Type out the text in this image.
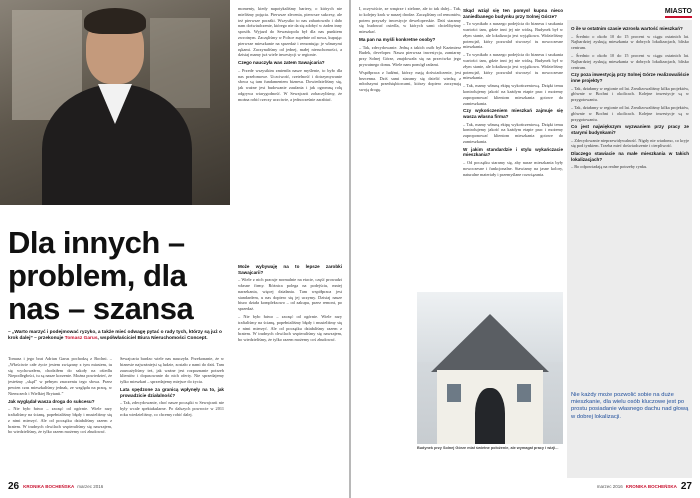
momenty, kiedy napotykaliśmy bariery, o których nie mieliśmy pojęcia. Pierwsze zlecenia, pierwsze sukcesy, ale też pierwsze porażki. Wszystko to nas zahartowało i dało nam doświadczenie, którego nie da się zdobyć w żaden inny sposób. Wyjazd do Sewastopola był dla nas punktem zwrotnym. Zaczęliśmy w Polsce zupełnie od nowa, kupując pierwsze mieszkanie na sprzedaż i remontując je własnymi rękami. Zaczynaliśmy od jednej, małej nieruchomości, a dzisiaj mamy już wiele inwestycji w regionie.

Czego nauczyła was zatem Sawajcaria?

– Przede wszystkim zmieniła nasze myślenie, to było dla nas przełomowe. Uczciwość, rzetelność i dotrzymywanie słowa są tam fundamentem biznesu. Dowiedzieliśmy się, jak ważne jest budowanie zaufania i jak ogromną rolę odgrywa wiarygodność. W Sewajcarii zobaczyliśmy, że można robić rzeczy uczciwie, a jednocześnie zarabiać.

Dla innych – problem, dla nas – szansa
– „Warto marzyć i podejmować ryzyko, a także mieć odwagę pytać o rady tych, którzy są już o krok dalej” – przekonuje Tomasz Garus, współwłaściciel Biura Nieruchomości Concept.

Tomasz i jego brat Adrian Garus pochodzą z Bochni. – „Właściwie całe życie jestem związany z tym miastem, tu się wychowałem, chodziłem do szkoły na ośiedlu Niepodległości, tu są nasze korzenie. Można powiedzieć, że jesteśmy „skąd” w pełnym znaczeniu tego słowa. Przez pewien czas mieszkaliśmy jednak, ze względu na pracę, w Niemczech i Wielkiej Brytanii.”

Jak wyglądał wasza droga do sukcesu?

– Nie było łatwo – zaczęć od ogórnie. Wiele razy trafialiśmy na ścianę, popełnialiśmy błędy i musieliśmy się z nimi mierzyć. Ale od początku działaliśmy razem z bratem. W trudnych chwilach wspieraliśmy się nawzajem, bo wiedzieliśmy, że tylko razem możemy coś zbudować.

Sewajcaria bardzo wiele nas nauczyła. Przekonanie, że w biznesie najważniejsi są ludzie, zostało z nami do dziś. Tam zauważyliśmy też, jak ważne jest rozpoznanie potrzeb klientów i dopasowanie do nich oferty. Nie sprzedajemy tylko mieszkań – sprzedajemy miejsce do życia.

Lata spędzone za granicą wpłynęły na to, jak prowadzicie działalność?

– Tak, zdecydowanie, choć nasze początki w Sewajcarii nie były wcale spektakularne. Po dalszych powrocie w 2011 roku wiedzieliśmy, co chcemy robić dalej.

Może wybywaję na to lepsze zarobki Sawajcarii?

– Wiele z nich pracuje normalnie na etacie, część prowadzi własne firmy. Różnica polega na podejściu, mniej narzekania, więcej działania. Tam współpraca jest standardem, u nas dopiero się jej uczymy. Dzisiaj nasze biuro działa kompleksowo – od zakupu, przez remont, po sprzedaż.

– Nie było łatwo – zaczęć od ogórnie. Wiele razy trafialiśmy na ścianę, popełnialiśmy błędy i musieliśmy się z nimi mierzyć. Ale od początku działaliśmy razem z bratem. W trudnych chwilach wspieraliśmy się nawzajem, bo wiedzieliśmy, że tylko razem możemy coś zbudować.

26 KRONIKA BOCHEŃSKA marzec 2016
MIASTO

I, oczywiście, ze wnętrze i zielone, ale to tak dalej... Tak, to kolejny krok w naszej drodze. Zaczęliśmy od remontów, potem przyszły inwestycje deweloperskie. Dziś staramy się budować osiedla, w których sami chcielibyśmy mieszkać.

Ma pan na myśli konkretne osoby?

– Tak, zdecydowanie. Jedną z takich osób był Kazimierz Budek, developer. Nasza pierwsza inwestycja, zamiarny przy Solnej Górze, znajdowała się na przeciwko jego prywatnego domu. Wiele nam pomógł radami.

Współpraca z ludźmi, którzy mają doświadczenie, jest bezcenna. Dziś sami staramy się dzielić wiedzą z młodszymi przedsiębiorcami, którzy dopiero zaczynają swoją drogę.

Skąd wziął się ten pomysł kupna nieco zaniedbanego budynku przy Solnej Górze?

– To wynikało z naszego podejścia do biznesu i szukania wartości tam, gdzie inni jej nie widzą. Budynek był w złym stanie, ale lokalizacja jest wyjątkowa. Widzieliśmy potencjał, który pozwalał stworzyć tu nowoczesne mieszkania.

– To wynikało z naszego podejścia do biznesu i szukania wartości tam, gdzie inni jej nie widzą. Budynek był w złym stanie, ale lokalizacja jest wyjątkowa. Widzieliśmy potencjał, który pozwalał stworzyć tu nowoczesne mieszkania.

– Tak, mamy własną ekipę wykończeniową. Dzięki temu kontrolujemy jakość na każdym etapie prac i możemy zaproponować klientom mieszkania gotowe do zamieszkania.

Czy wykończeniem mieszkań zajmuje się wasza własna firma?

– Tak, mamy własną ekipę wykończeniową. Dzięki temu kontrolujemy jakość na każdym etapie prac i możemy zaproponować klientom mieszkania gotowe do zamieszkania.

W jakim standardzie i stylu wykańczacie mieszkania?

– Od początku staramy się, aby nasze mieszkania były nowoczesne i funkcjonalne. Stawiamy na jasne kolory, naturalne materiały i przemyślane rozwiązania.

Budynek przy Solnej Górze miał świetne położenie, ale wymagał pracy i wizji...

O ile w ostatnim czasie wzrosła wartość mieszkań?

– Średnio o około 10 do 15 procent w ciągu ostatnich lat. Najbardziej zyskują mieszkania w dobrych lokalizacjach, blisko centrum.

– Średnio o około 10 do 15 procent w ciągu ostatnich lat. Najbardziej zyskują mieszkania w dobrych lokalizacjach, blisko centrum.

Czy poza inwestycją przy Solnej Górze realizowaliście inne projekty?

– Tak, działamy w regionie od lat. Zrealizowaliśmy kilka projektów, głównie w Bochni i okolicach. Kolejne inwestycje są w przygotowaniu.

– Tak, działamy w regionie od lat. Zrealizowaliśmy kilka projektów, głównie w Bochni i okolicach. Kolejne inwestycje są w przygotowaniu.

Co jest największym wyzwaniem przy pracy ze starymi budynkami?

– Zdecydowanie nieprzewidywalność. Nigdy nie wiadomo, co kryje się pod tynkiem. Trzeba mieć doświadczenie i cierpliwość.

Dlaczego stawiacie na małe mieszkania w takich lokalizacjach?

– Bo odpowiadają na realne potrzeby rynku.

Nie każdy może pozwolić sobie na duże mieszkanie, dla wielu osób kluczowe jest po prostu posiadanie własnego dachu nad głową w dobrej lokalizacji.
marzec 2016 KRONIKA BOCHEŃSKA 27
